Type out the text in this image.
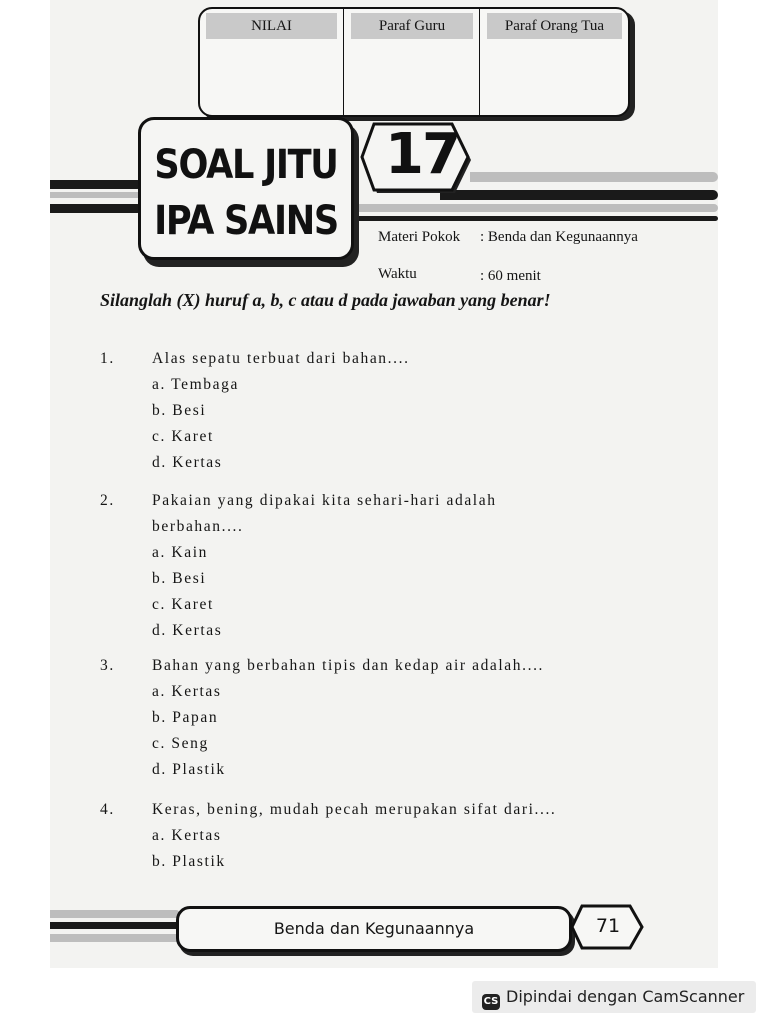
NILAI	Paraf Guru	Paraf Orang Tua
SOAL JITU
IPA SAINS
17
Materi Pokok : Benda dan Kegunaannya
Waktu	: 60 menit
Silanglah (X) huruf a, b, c atau d pada jawaban yang benar!
1. Alas sepatu terbuat dari bahan....
a. Tembaga
b. Besi
c. Karet
d. Kertas
2. Pakaian yang dipakai kita sehari-hari adalah berbahan....
a. Kain
b. Besi
c. Karet
d. Kertas
3. Bahan yang berbahan tipis dan kedap air adalah....
a. Kertas
b. Papan
c. Seng
d. Plastik
4. Keras, bening, mudah pecah merupakan sifat dari....
a. Kertas
b. Plastik
Benda dan Kegunaannya	71
CS Dipindai dengan CamScanner
